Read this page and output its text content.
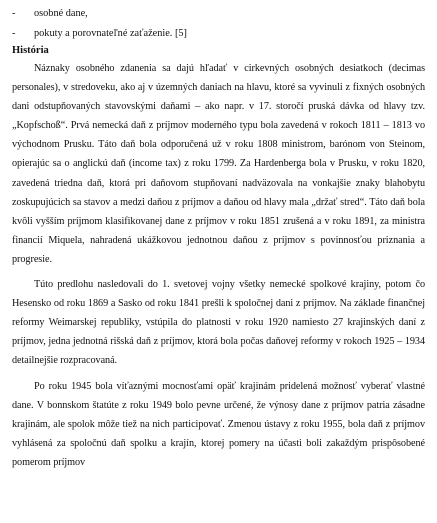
-	osobné dane,
-	pokuty a porovnateľné zaťaženie. [5]
História

Náznaky osobného zdanenia sa dajú hľadať v cirkevných osobných desiatkoch (decimas personales), v stredoveku, ako aj v územných daniach na hlavu, ktoré sa vyvinuli z fixných osobných dani odstupňovaných stavovskými daňami – ako napr. v 17. storočí pruská dávka od hlavy tzv. „Kopfschoß“. Prvá nemecká daň z príjmov moderného typu bola zavedená v rokoch 1811 – 1813 vo východnom Prusku. Táto daň bola odporučená už v roku 1808 ministrom, barónom von Steinom, opierajúc sa o anglickú daň (income tax) z roku 1799. Za Hardenberga bola v Prusku, v roku 1820, zavedená triedna daň, ktorá pri daňovom stupňovaní nadväzovala na vonkajšie znaky blahobytu zoskupujúcich sa stavov a medzi daňou z príjmov a daňou od hlavy mala „držať stred“. Táto daň bola kvôli vyšším príjmom klasifikovanej dane z príjmov v roku 1851 zrušená a v roku 1891, za ministra financií Miquela, nahradená ukážkovou jednotnou daňou z príjmov s povinnosťou priznania a progresie.

Túto predlohu nasledovali do 1. svetovej vojny všetky nemecké spolkové krajiny, potom čo Hesensko od roku 1869 a Sasko od roku 1841 prešli k spoločnej dani z príjmov. Na základe finančnej reformy Weimarskej republiky, vstúpila do platnosti v roku 1920 namiesto 27 krajinských daní z príjmov, jedna jednotná rišská daň z príjmov, ktorá bola počas daňovej reformy v rokoch 1925 – 1934 detailnejšie rozpracovaná.

Po roku 1945 bola víťaznými mocnosťami opäť krajinám pridelená možnosť vyberať vlastné dane. V bonnskom štatúte z roku 1949 bolo pevne určené, že výnosy dane z príjmov patria zásadne krajinám, ale spolok môže tiež na nich participovať. Zmenou ústavy z roku 1955, bola daň z príjmov vyhlásená za spoločnú daň spolku a krajín, ktorej pomery na účasti boli zakaždým prispôsobené pomerom príjmov
